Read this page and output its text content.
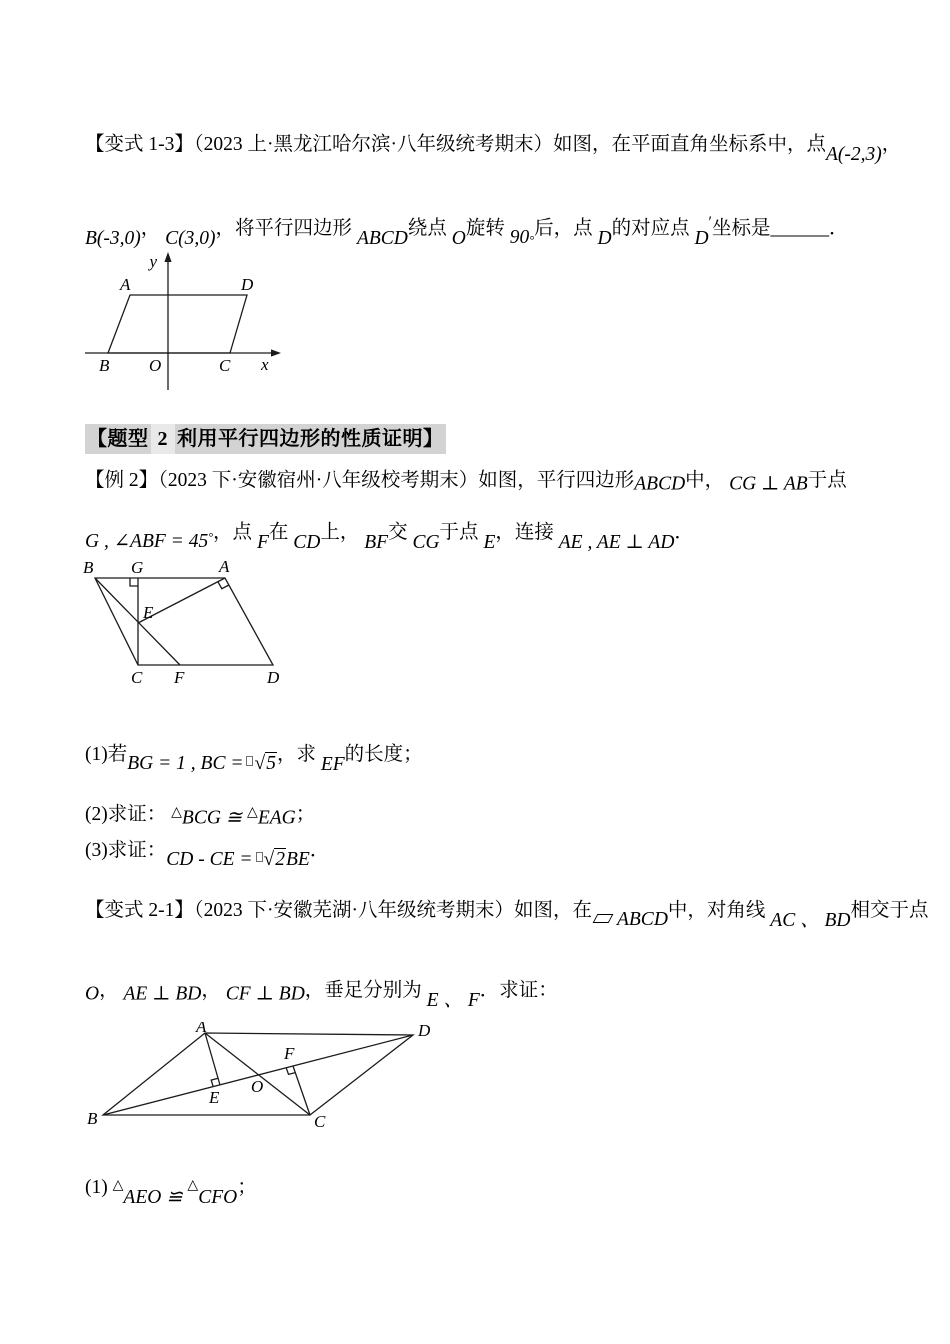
【变式 1-3】（2023 上·黑龙江哈尔滨·八年级统考期末）如图，在平面直角坐标系中，点A(-2,3)，

B(-3,0)， C(3,0)，将平行四边形 ABCD绕点 O旋转 90°后，点 D的对应点 D′坐标是______．

y
x
O
A	D
B	C

【题型 2 利用平行四边形的性质证明】

【例 2】（2023 下·安徽宿州·八年级校考期末）如图，平行四边形ABCD中， CG ⊥ AB于点

G , ∠ABF = 45°，点 F在 CD上， BF交 CG于点 E，连接 AE , AE ⊥ AD．

B G	A
E
C F	D

(1)若BG = 1 , BC = √5，求 EF的长度；

(2)求证： △BCG ≅ △EAG；

(3)求证：CD - CE = √2BE．

【变式 2-1】（2023 下·安徽芜湖·八年级统考期末）如图，在 ABCD中，对角线 AC 、 BD相交于点

O， AE ⊥ BD， CF ⊥ BD，垂足分别为 E 、 F．求证：

A	D
B	C
O
E
F

(1) △AEO ≌ △CFO；
